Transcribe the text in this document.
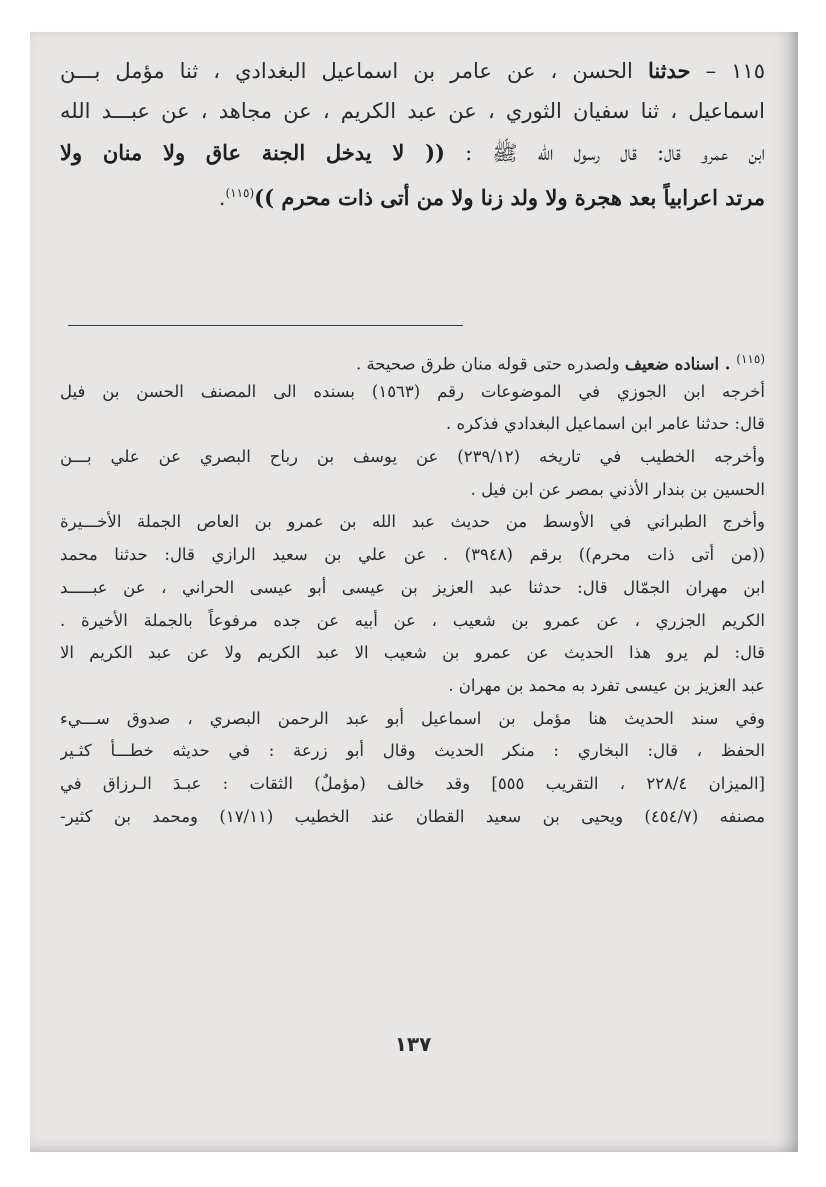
١١٥ – حدثنا الحسن ، عن عامر بن اسماعيل البغدادي ، ثنا مؤمل بـــن
اسماعيل ، ثنا سفيان الثوري ، عن عبد الكريم ، عن مجاهد ، عن عبـــد الله
ابن عمرو قال: قال رسول الله ﷺ : (( لا يدخل الجنة عاق ولا منان ولا
مرتد اعرابياً بعد هجرة ولا ولد زنا ولا من أتى ذات محرم ))$^{(١١٥)}$.
$^{(١١٥)}$ . اسناده ضعيف ولصدره حتى قوله منان طرق صحيحة .
أخرجه ابن الجوزي في الموضوعات رقم (١٥٦٣) بسنده الى المصنف الحسن بن فيل
قال: حدثنا عامر ابن اسماعيل البغدادي فذكره .
وأخرجه الخطيب في تاريخه (٢٣٩/١٢) عن يوسف بن رباح البصري عن علي بـــن
الحسين بن بندار الأذني بمصر عن ابن فيل .
وأخرج الطبراني في الأوسط من حديث عبد الله بن عمرو بن العاص الجملة الأخـــيرة
((من أتى ذات محرم)) برقم (٣٩٤٨) . عن علي بن سعيد الرازي قال: حدثنا محمد
ابن مهران الجمّال قال: حدثنا عبد العزيز بن عيسى أبو عيسى الحراني ، عن عبـــــد
الكريم الجزري ، عن عمرو بن شعيب ، عن أبيه عن جده مرفوعاً بالجملة الأخيرة .
قال: لم يرو هذا الحديث عن عمرو بن شعيب الا عبد الكريم ولا عن عبد الكريم الا
عبد العزيز بن عيسى تفرد به محمد بن مهران .
وفي سند الحديث هنا مؤمل بن اسماعيل أبو عبد الرحمن البصري ، صدوق ســـيء
الحفظ ، قال: البخاري : منكر الحديث وقال أبو زرعة : في حديثه خطـــأ كثـير
[الميزان ٢٢٨/٤ ، التقريب ٥٥٥] وقد خالف (مؤملٌ) الثقات : عبـدَ الـرزاق في
مصنفه (٤٥٤/٧) ويحيى بن سعيد القطان عند الخطيب (١٧/١١) ومحمد بن كثير-
١٣٧
